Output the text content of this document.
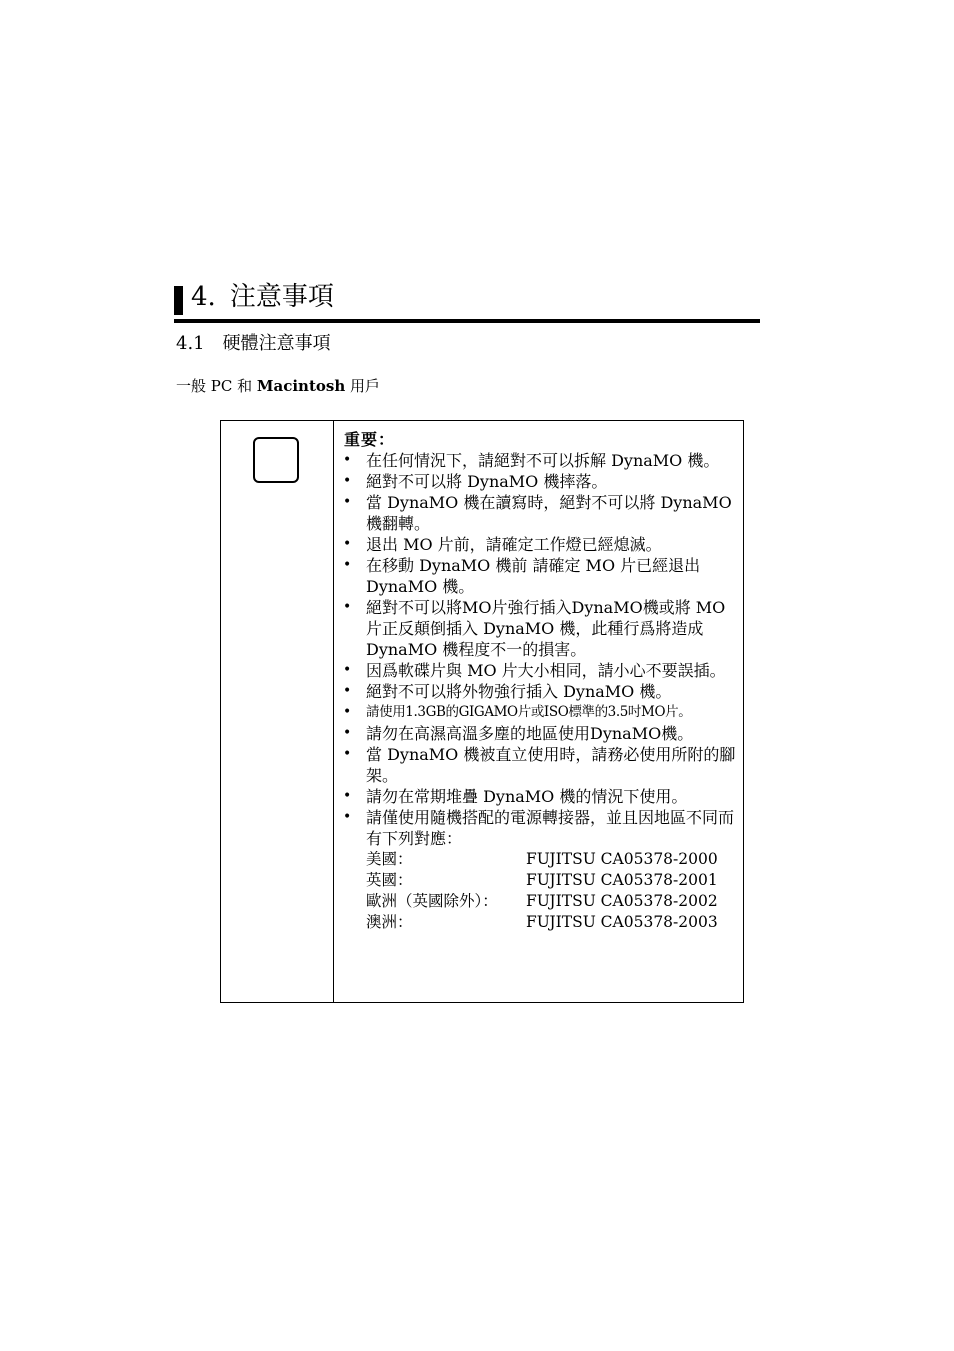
4. 注意事項
4.1 硬體注意事項
一般 PC 和 Macintosh 用戶
重要：
• 在任何情況下，請絕對不可以拆解 DynaMO 機。
• 絕對不可以將 DynaMO 機摔落。
• 當 DynaMO 機在讀寫時，絕對不可以將 DynaMO 機翻轉。
• 退出 MO 片前，請確定工作燈已經熄滅。
• 在移動 DynaMO 機前 請確定 MO 片已經退出 DynaMO 機。
• 絕對不可以將MO片強行插入DynaMO機或將 MO 片正反顛倒插入 DynaMO 機，此種行爲將造成 DynaMO 機程度不一的損害。
• 因爲軟碟片與 MO 片大小相同，請小心不要誤插。
• 絕對不可以將外物強行插入 DynaMO 機。
• 請使用1.3GB的GIGAMO片或ISO標準的3.5吋MO片。
• 請勿在高濕高溫多塵的地區使用DynaMO機。
• 當 DynaMO 機被直立使用時，請務必使用所附的腳架。
• 請勿在常期堆疊 DynaMO 機的情況下使用。
• 請僅使用隨機搭配的電源轉接器，並且因地區不同而有下列對應：
美國：	FUJITSU CA05378-2000
英國：	FUJITSU CA05378-2001
歐洲（英國除外）：	FUJITSU CA05378-2002
澳洲：	FUJITSU CA05378-2003
